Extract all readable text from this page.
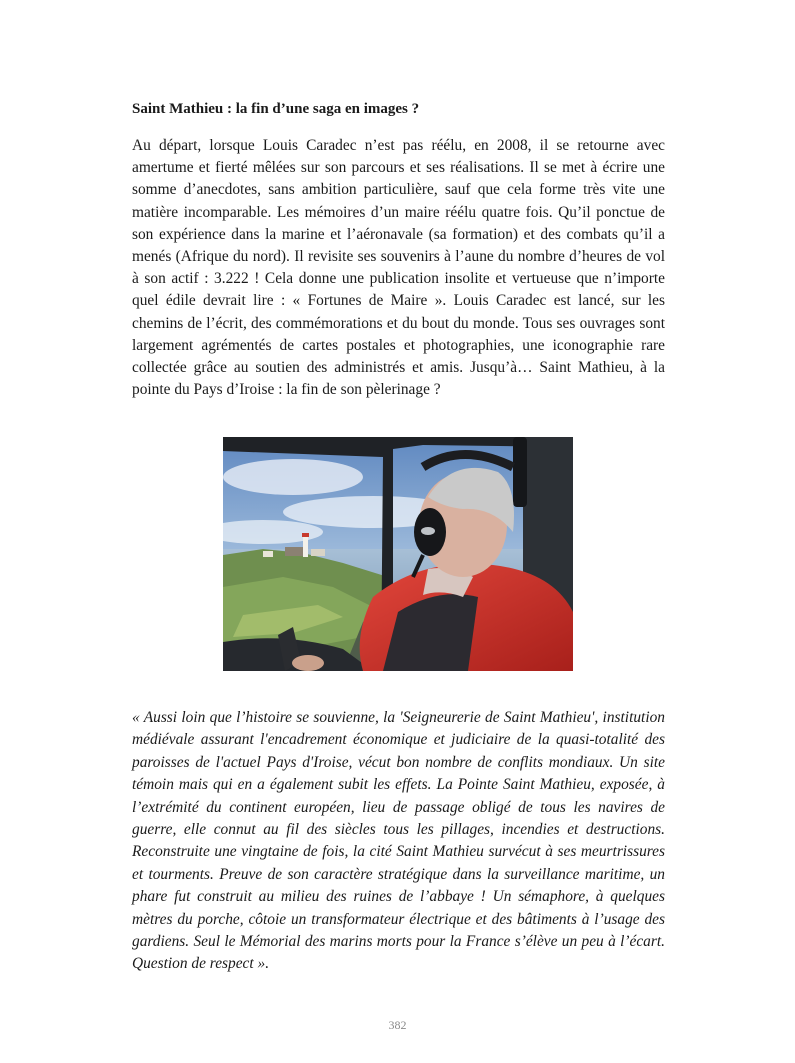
Saint Mathieu : la fin d’une saga en images ?

Au départ, lorsque Louis Caradec n’est pas réélu, en 2008, il se retourne avec amertume et fierté mêlées sur son parcours et ses réalisations. Il se met à écrire une somme d’anecdotes, sans ambition particulière, sauf que cela forme très vite une matière incomparable. Les mémoires d’un maire réélu quatre fois. Qu’il ponctue de son expérience dans la marine et l’aéronavale (sa formation) et des combats qu’il a menés (Afrique du nord). Il revisite ses souvenirs à l’aune du nombre d’heures de vol à son actif : 3.222 ! Cela donne une publication insolite et vertueuse que n’importe quel édile devrait lire : « Fortunes de Maire ». Louis Caradec est lancé, sur les chemins de l’écrit, des commémorations et du bout du monde. Tous ses ouvrages sont largement agrémentés de cartes postales et photographies, une iconographie rare collectée grâce au soutien des administrés et amis. Jusqu’à… Saint Mathieu, à la pointe du Pays d’Iroise : la fin de son pèlerinage ?

« Aussi loin que l’histoire se souvienne, la 'Seigneurerie de Saint Mathieu', institution médiévale assurant l'encadrement économique et judiciaire de la quasi-totalité des paroisses de l'actuel Pays d'Iroise, vécut bon nombre de conflits mondiaux. Un site témoin mais qui en a également subit les effets. La Pointe Saint Mathieu, exposée, à l’extrémité du continent européen, lieu de passage obligé de tous les navires de guerre, elle connut au fil des siècles tous les pillages, incendies et destructions. Reconstruite une vingtaine de fois, la cité Saint Mathieu survécut à ses meurtrissures et tourments. Preuve de son caractère stratégique dans la surveillance maritime, un phare fut construit au milieu des ruines de l’abbaye ! Un sémaphore, à quelques mètres du porche, côtoie un transformateur électrique et des bâtiments à l’usage des gardiens. Seul le Mémorial des marins morts pour la France s’élève un peu à l’écart. Question de respect ».

382
